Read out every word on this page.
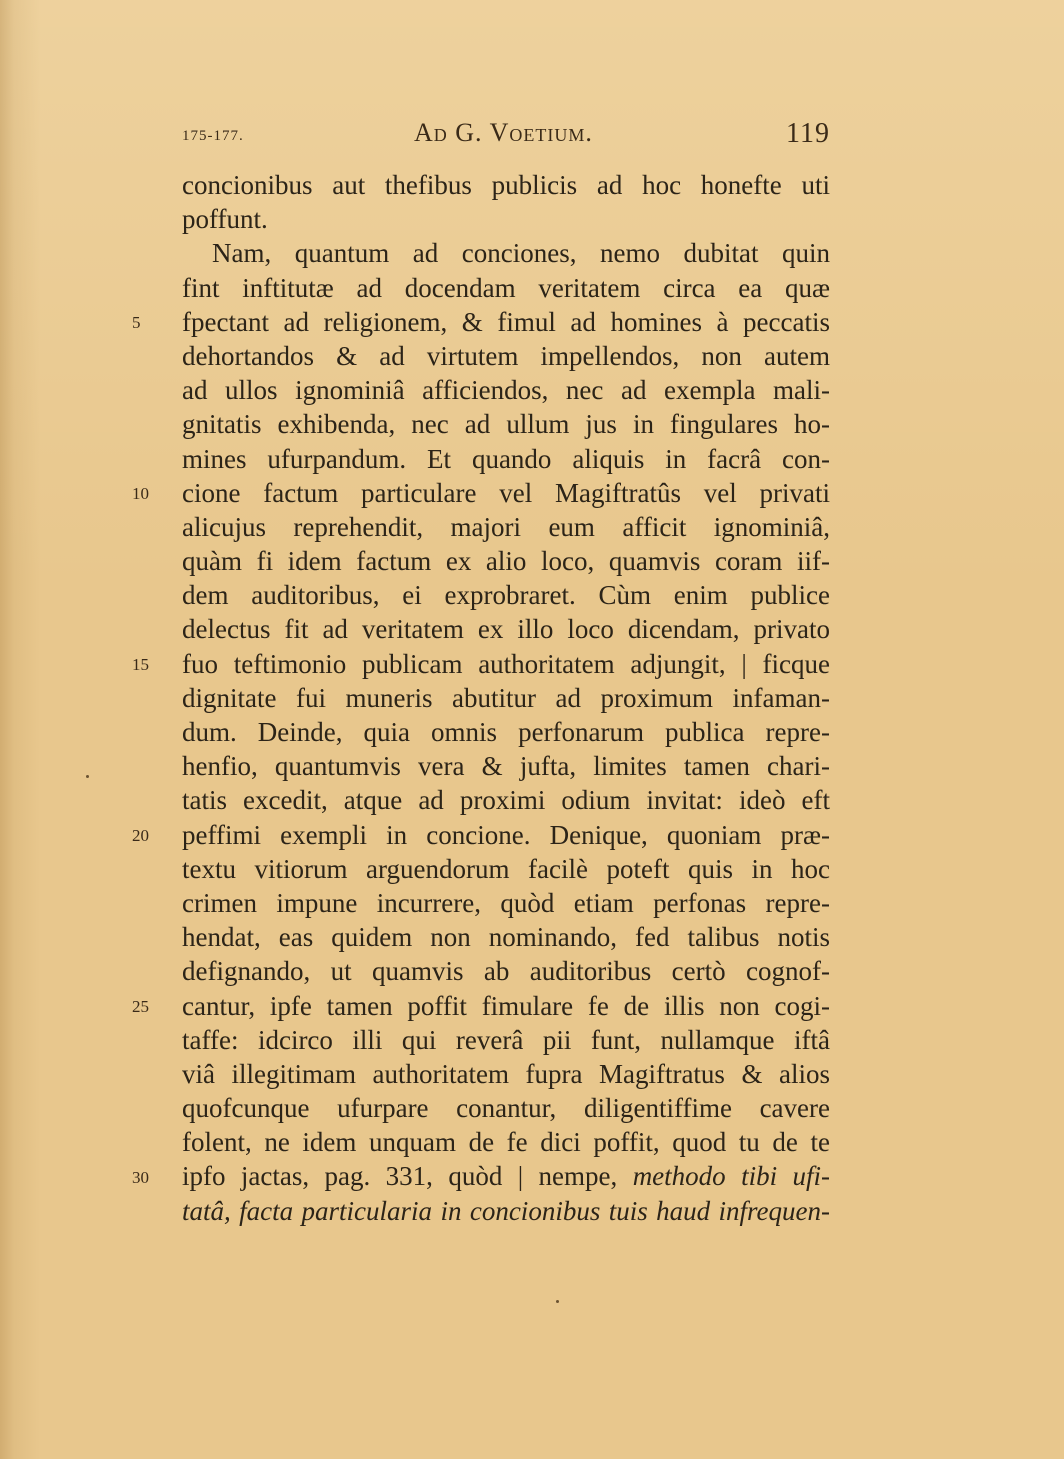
175-177.	Ad G. Voetium.	119
5
10
15
20
25
30
concionibus aut thefibus publicis ad hoc honefte uti
poffunt.
Nam, quantum ad conciones, nemo dubitat quin
fint inftitutæ ad docendam veritatem circa ea quæ
fpectant ad religionem, & fimul ad homines à peccatis
dehortandos & ad virtutem impellendos, non autem
ad ullos ignominiâ afficiendos, nec ad exempla mali-
gnitatis exhibenda, nec ad ullum jus in fingulares ho-
mines ufurpandum. Et quando aliquis in facrâ con-
cione factum particulare vel Magiftratûs vel privati
alicujus reprehendit, majori eum afficit ignominiâ,
quàm fi idem factum ex alio loco, quamvis coram iif-
dem auditoribus, ei exprobraret. Cùm enim publice
delectus fit ad veritatem ex illo loco dicendam, privato
fuo teftimonio publicam authoritatem adjungit, | ficque
dignitate fui muneris abutitur ad proximum infaman-
dum. Deinde, quia omnis perfonarum publica repre-
henfio, quantumvis vera & jufta, limites tamen chari-
tatis excedit, atque ad proximi odium invitat: ideò eft
peffimi exempli in concione. Denique, quoniam præ-
textu vitiorum arguendorum facilè poteft quis in hoc
crimen impune incurrere, quòd etiam perfonas repre-
hendat, eas quidem non nominando, fed talibus notis
defignando, ut quamvis ab auditoribus certò cognof-
cantur, ipfe tamen poffit fimulare fe de illis non cogi-
taffe: idcirco illi qui reverâ pii funt, nullamque iftâ
viâ illegitimam authoritatem fupra Magiftratus & alios
quofcunque ufurpare conantur, diligentiffime cavere
folent, ne idem unquam de fe dici poffit, quod tu de te
ipfo jactas, pag. 331, quòd | nempe, methodo tibi ufi-
tatâ, facta particularia in concionibus tuis haud infrequen-
